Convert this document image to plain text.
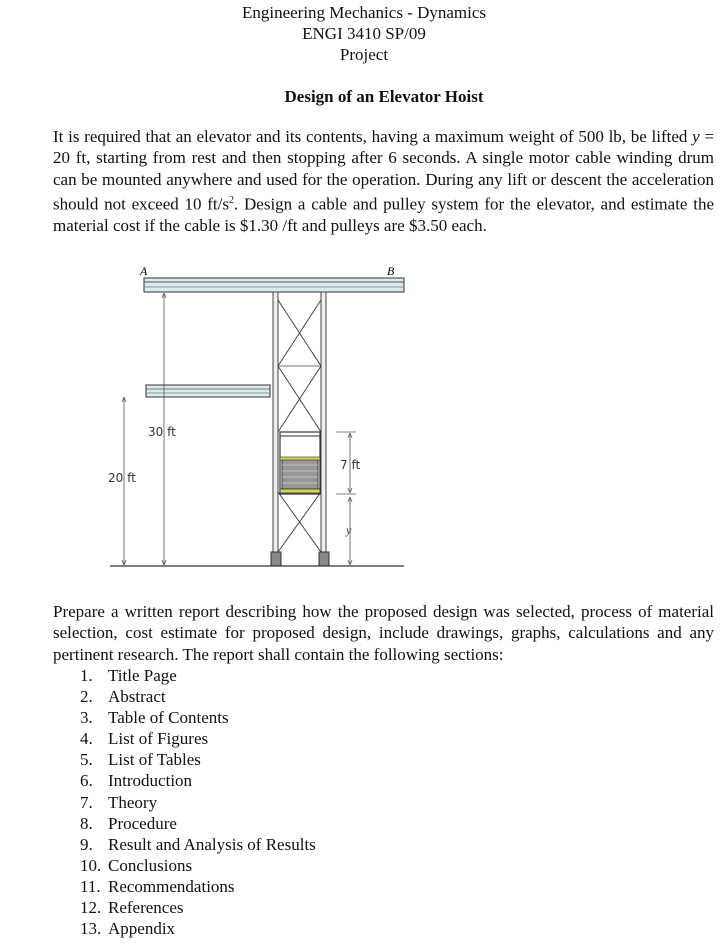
Engineering Mechanics - Dynamics
ENGI 3410 SP/09
Project
Design of an Elevator Hoist
It is required that an elevator and its contents, having a maximum weight of 500 lb, be lifted y = 20 ft, starting from rest and then stopping after 6 seconds. A single motor cable winding drum can be mounted anywhere and used for the operation. During any lift or descent the acceleration should not exceed 10 $ft/s^2$. Design a cable and pulley system for the elevator, and estimate the material cost if the cable is $1.30 /ft and pulleys are $3.50 each.
A	B
30 ft
20 ft
7 ft
y
Prepare a written report describing how the proposed design was selected, process of material selection, cost estimate for proposed design, include drawings, graphs, calculations and any pertinent research. The report shall contain the following sections:
1. Title Page
2. Abstract
3. Table of Contents
4. List of Figures
5. List of Tables
6. Introduction
7. Theory
8. Procedure
9. Result and Analysis of Results
10. Conclusions
11. Recommendations
12. References
13. Appendix
